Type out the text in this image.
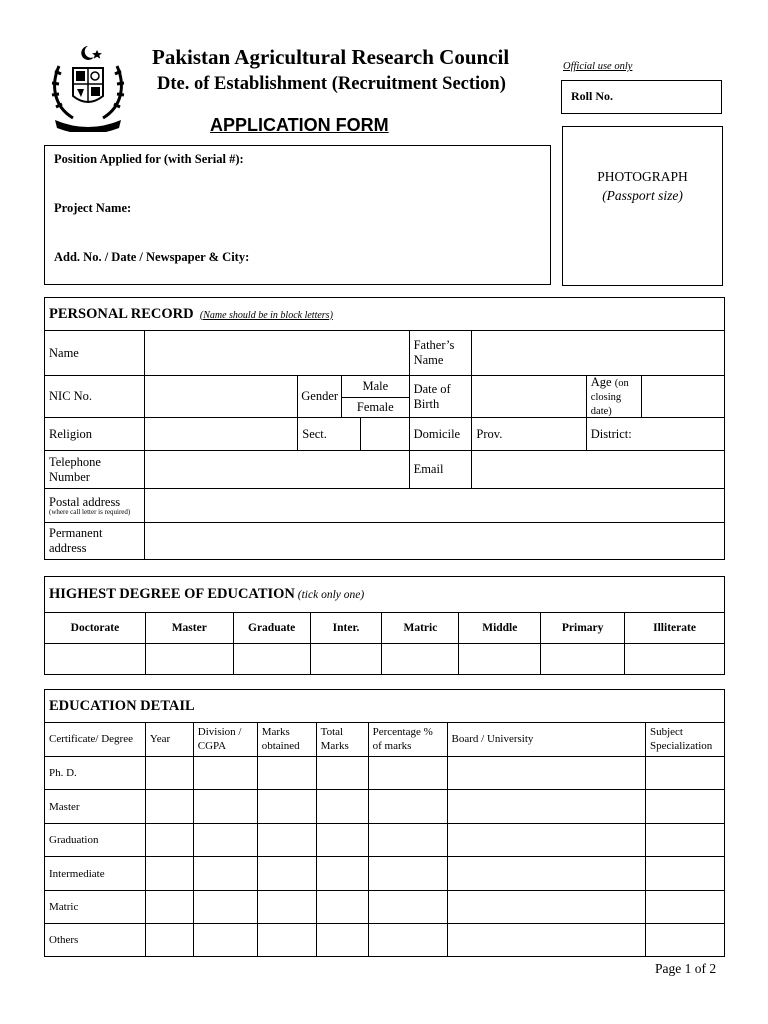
Pakistan Agricultural Research Council
Dte. of Establishment (Recruitment Section)
APPLICATION FORM
Official use only
Roll No.
Position Applied for (with Serial #):
Project Name:
Add. No. / Date / Newspaper & City:
PHOTOGRAPH
(Passport size)
PERSONAL RECORD (Name should be in block letters)								
Name					Father’s Name			
NIC No.		Gender	Male		Date of Birth		Age (on closing date)	
			Female					
Religion		Sect.			Domicile	Prov.	District:	
Telephone Number					Email			

Postal address
(where call letter is required)								

Permanent address								
HIGHEST DEGREE OF EDUCATION (tick only one)							
Doctorate	Master	Graduate	Inter.	Matric	Middle	Primary	Illiterate

EDUCATION DETAIL							
Certificate/ Degree	Year	Division / CGPA	Marks obtained	Total Marks	Percentage % of marks	Board / University	Subject Specialization
Ph. D.							
Master							
Graduation							
Intermediate							
Matric							
Others							
Page 1 of 2
